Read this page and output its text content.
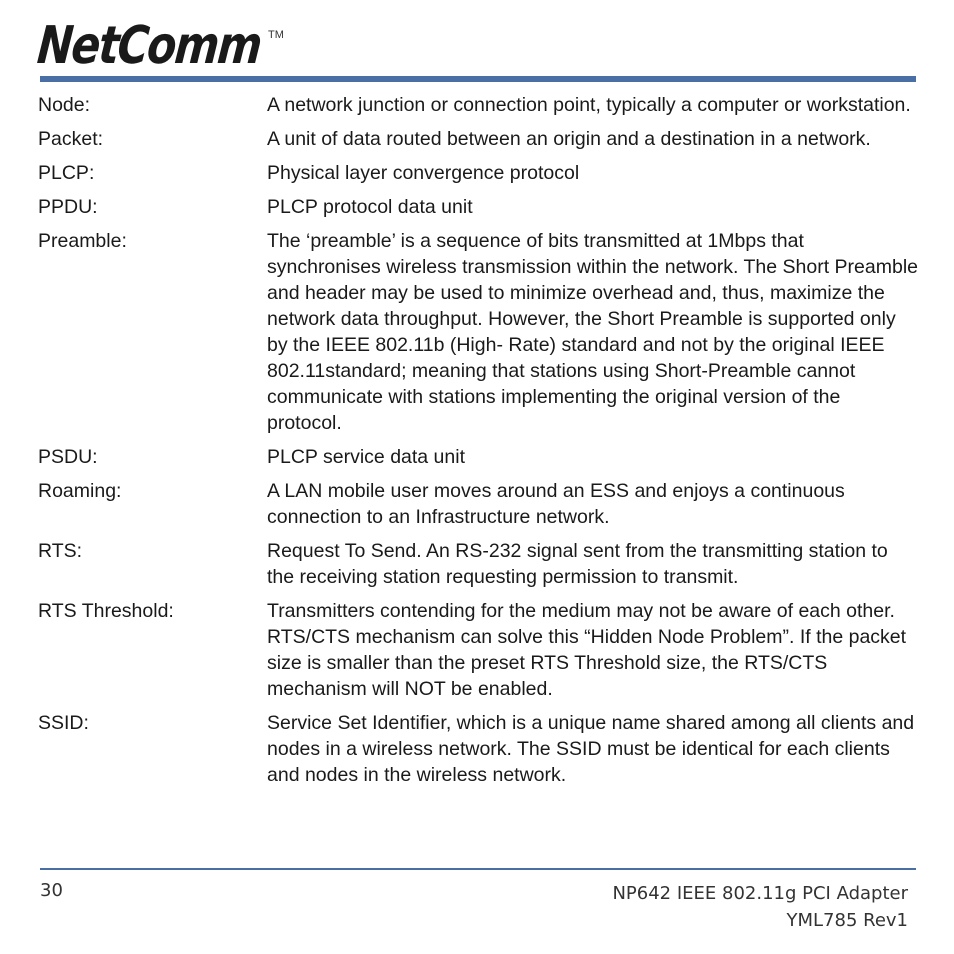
NetComm TM
Node:	A network junction or connection point, typically a computer or workstation.
Packet:	A unit of data routed between an origin and a destination in a network.
PLCP:	Physical layer convergence protocol
PPDU:	PLCP protocol data unit
Preamble:	The ‘preamble’ is a sequence of bits transmitted at 1Mbps that synchronises wireless transmission within the network. The Short Preamble and header may be used to minimize overhead and, thus, maximize the network data throughput. However, the Short Preamble is supported only by the IEEE 802.11b (High- Rate) standard and not by the original IEEE 802.11standard; meaning that stations using Short-Preamble cannot communicate with stations implementing the original version of the protocol.
PSDU:	PLCP service data unit
Roaming:	A LAN mobile user moves around an ESS and enjoys a continuous connection to an Infrastructure network.
RTS:	Request To Send. An RS-232 signal sent from the transmitting station to the receiving station requesting permission to transmit.
RTS Threshold:	Transmitters contending for the medium may not be aware of each other. RTS/CTS mechanism can solve this “Hidden Node Problem”. If the packet size is smaller than the preset RTS Threshold size, the RTS/CTS mechanism will NOT be enabled.
SSID:	Service Set Identifier, which is a unique name shared among all clients and nodes in a wireless network. The SSID must be identical for each clients and nodes in the wireless network.
30	NP642 IEEE 802.11g PCI Adapter
YML785 Rev1
